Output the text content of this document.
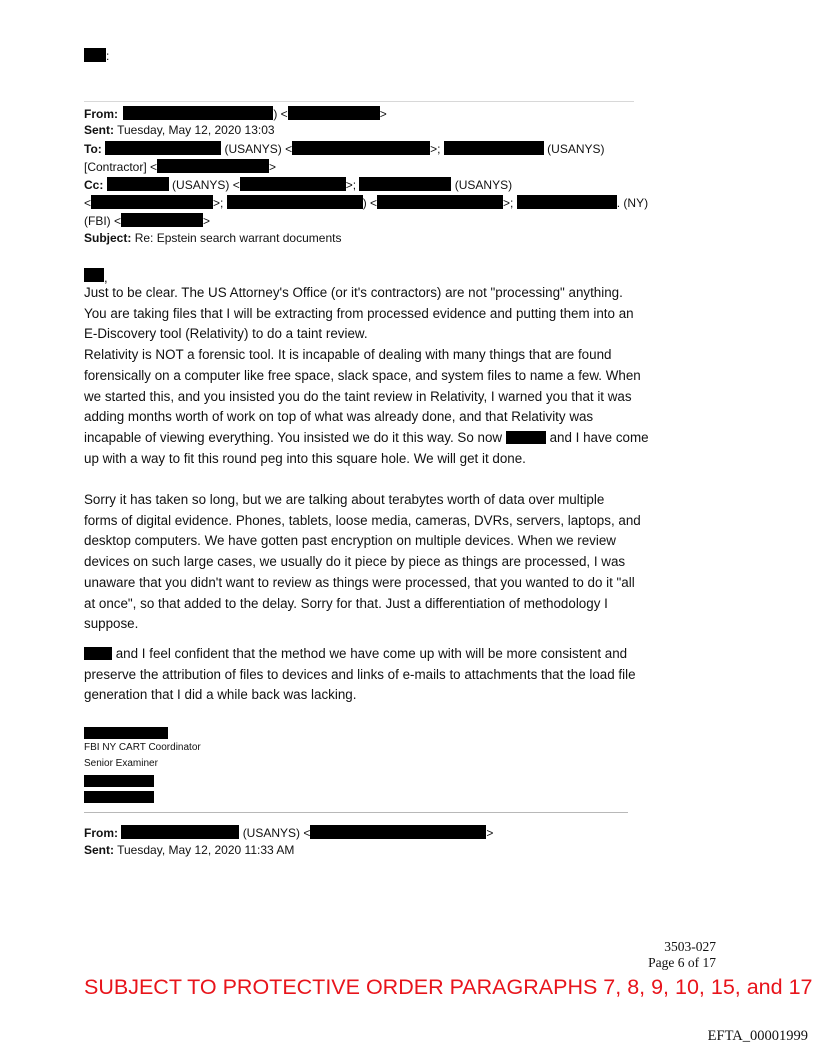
:
From:	) <	>
Sent: Tuesday, May 12, 2020 13:03
To:	(USANYS) <	>;	(USANYS)
[Contractor] <	>
Cc:	(USANYS) <	>;	(USANYS)
<	>;	) <	>;	. (NY)
(FBI) <	>
Subject: Re: Epstein search warrant documents
,
Just to be clear. The US Attorney's Office (or it's contractors) are not "processing" anything.
You are taking files that I will be extracting from processed evidence and putting them into an
E-Discovery tool (Relativity) to do a taint review.
Relativity is NOT a forensic tool. It is incapable of dealing with many things that are found
forensically on a computer like free space, slack space, and system files to name a few. When
we started this, and you insisted you do the taint review in Relativity, I warned you that it was
adding months worth of work on top of what was already done, and that Relativity was
incapable of viewing everything. You insisted we do it this way. So now	and I have come
up with a way to fit this round peg into this square hole. We will get it done.
Sorry it has taken so long, but we are talking about terabytes worth of data over multiple
forms of digital evidence. Phones, tablets, loose media, cameras, DVRs, servers, laptops, and
desktop computers. We have gotten past encryption on multiple devices. When we review
devices on such large cases, we usually do it piece by piece as things are processed, I was
unaware that you didn't want to review as things were processed, that you wanted to do it "all
at once", so that added to the delay. Sorry for that. Just a differentiation of methodology I
suppose.
and I feel confident that the method we have come up with will be more consistent and
preserve the attribution of files to devices and links of e-mails to attachments that the load file
generation that I did a while back was lacking.
FBI NY CART Coordinator
Senior Examiner
From:	(USANYS) <	>
Sent: Tuesday, May 12, 2020 11:33 AM
3503-027
Page 6 of 17
SUBJECT TO PROTECTIVE ORDER PARAGRAPHS 7, 8, 9, 10, 15, and 17
EFTA_00001999
